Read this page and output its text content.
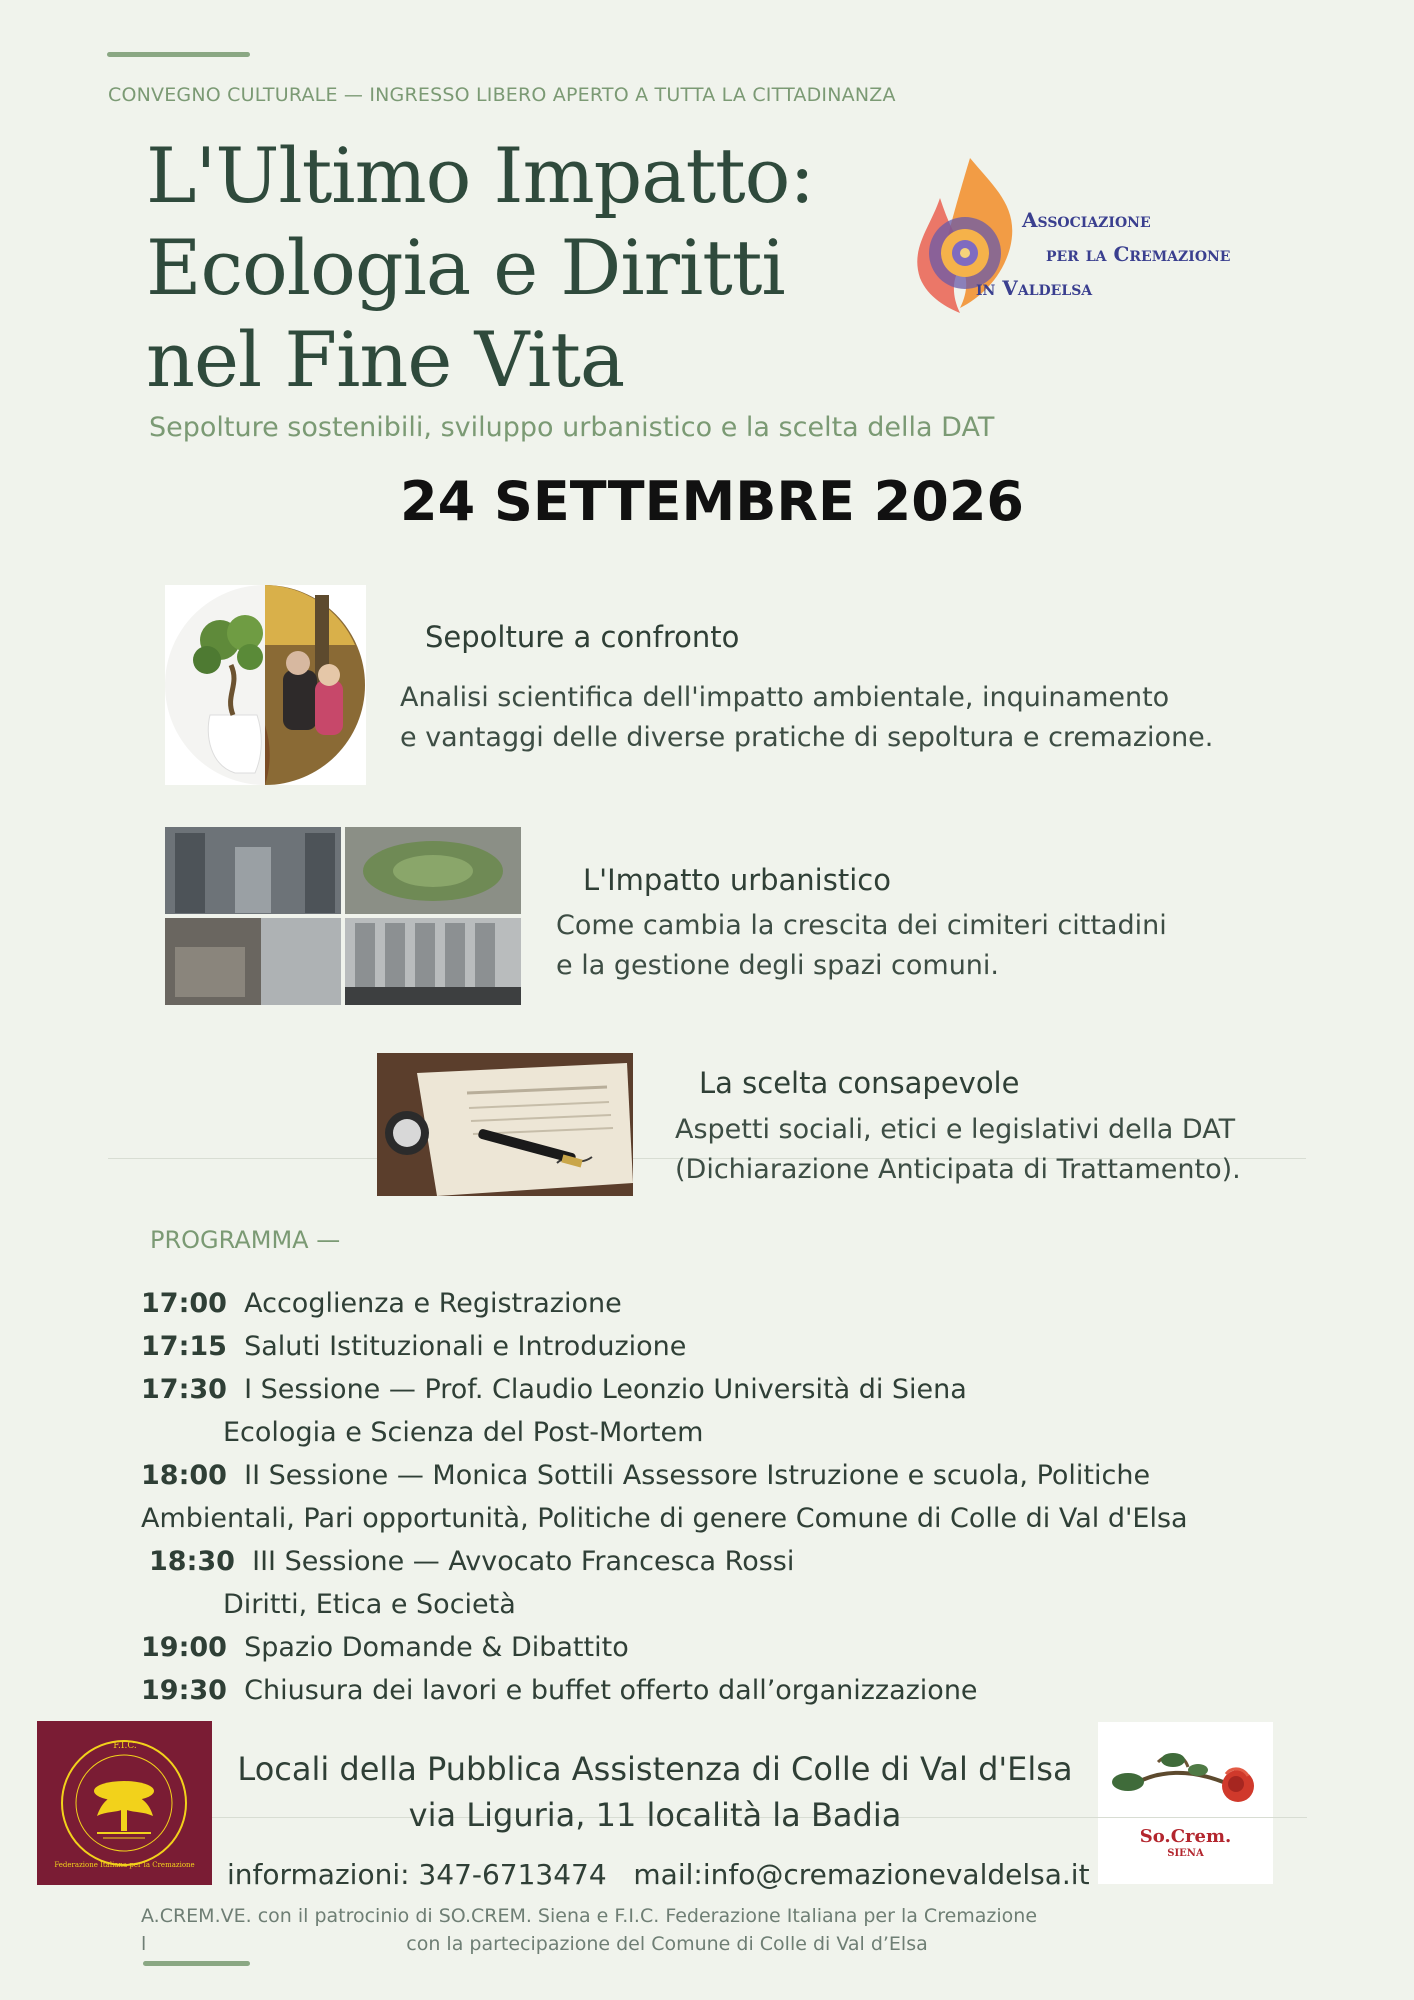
CONVEGNO CULTURALE — INGRESSO LIBERO APERTO A TUTTA LA CITTADINANZA
L'Ultimo Impatto:
Ecologia e Diritti
nel Fine Vita
Associazione
per la Cremazione
in Valdelsa
Sepolture sostenibili, sviluppo urbanistico e la scelta della DAT
24 SETTEMBRE 2026
Sepolture a confronto
Analisi scientifica dell'impatto ambientale, inquinamento
e vantaggi delle diverse pratiche di sepoltura e cremazione.
L'Impatto urbanistico
Come cambia la crescita dei cimiteri cittadini
e la gestione degli spazi comuni.
La scelta consapevole
Aspetti sociali, etici e legislativi della DAT
(Dichiarazione Anticipata di Trattamento).
PROGRAMMA —
17:00 Accoglienza e Registrazione
17:15 Saluti Istituzionali e Introduzione
17:30 I Sessione — Prof. Claudio Leonzio Università di Siena
Ecologia e Scienza del Post-Mortem
18:00 II Sessione — Monica Sottili Assessore Istruzione e scuola, Politiche
Ambientali, Pari opportunità, Politiche di genere Comune di Colle di Val d'Elsa
18:30 III Sessione — Avvocato Francesca Rossi
Diritti, Etica e Società
19:00 Spazio Domande & Dibattito
19:30 Chiusura dei lavori e buffet offerto dall’organizzazione
F.I.C.
Federazione Italiana per la Cremazione
So.Crem.
SIENA
Locali della Pubblica Assistenza di Colle di Val d'Elsa
via Liguria, 11 località la Badia
informazioni: 347-6713474 mail:info@cremazionevaldelsa.it
A.CREM.VE. con il patrocinio di SO.CREM. Siena e F.I.C. Federazione Italiana per la Cremazione
l	con la partecipazione del Comune di Colle di Val d’Elsa
